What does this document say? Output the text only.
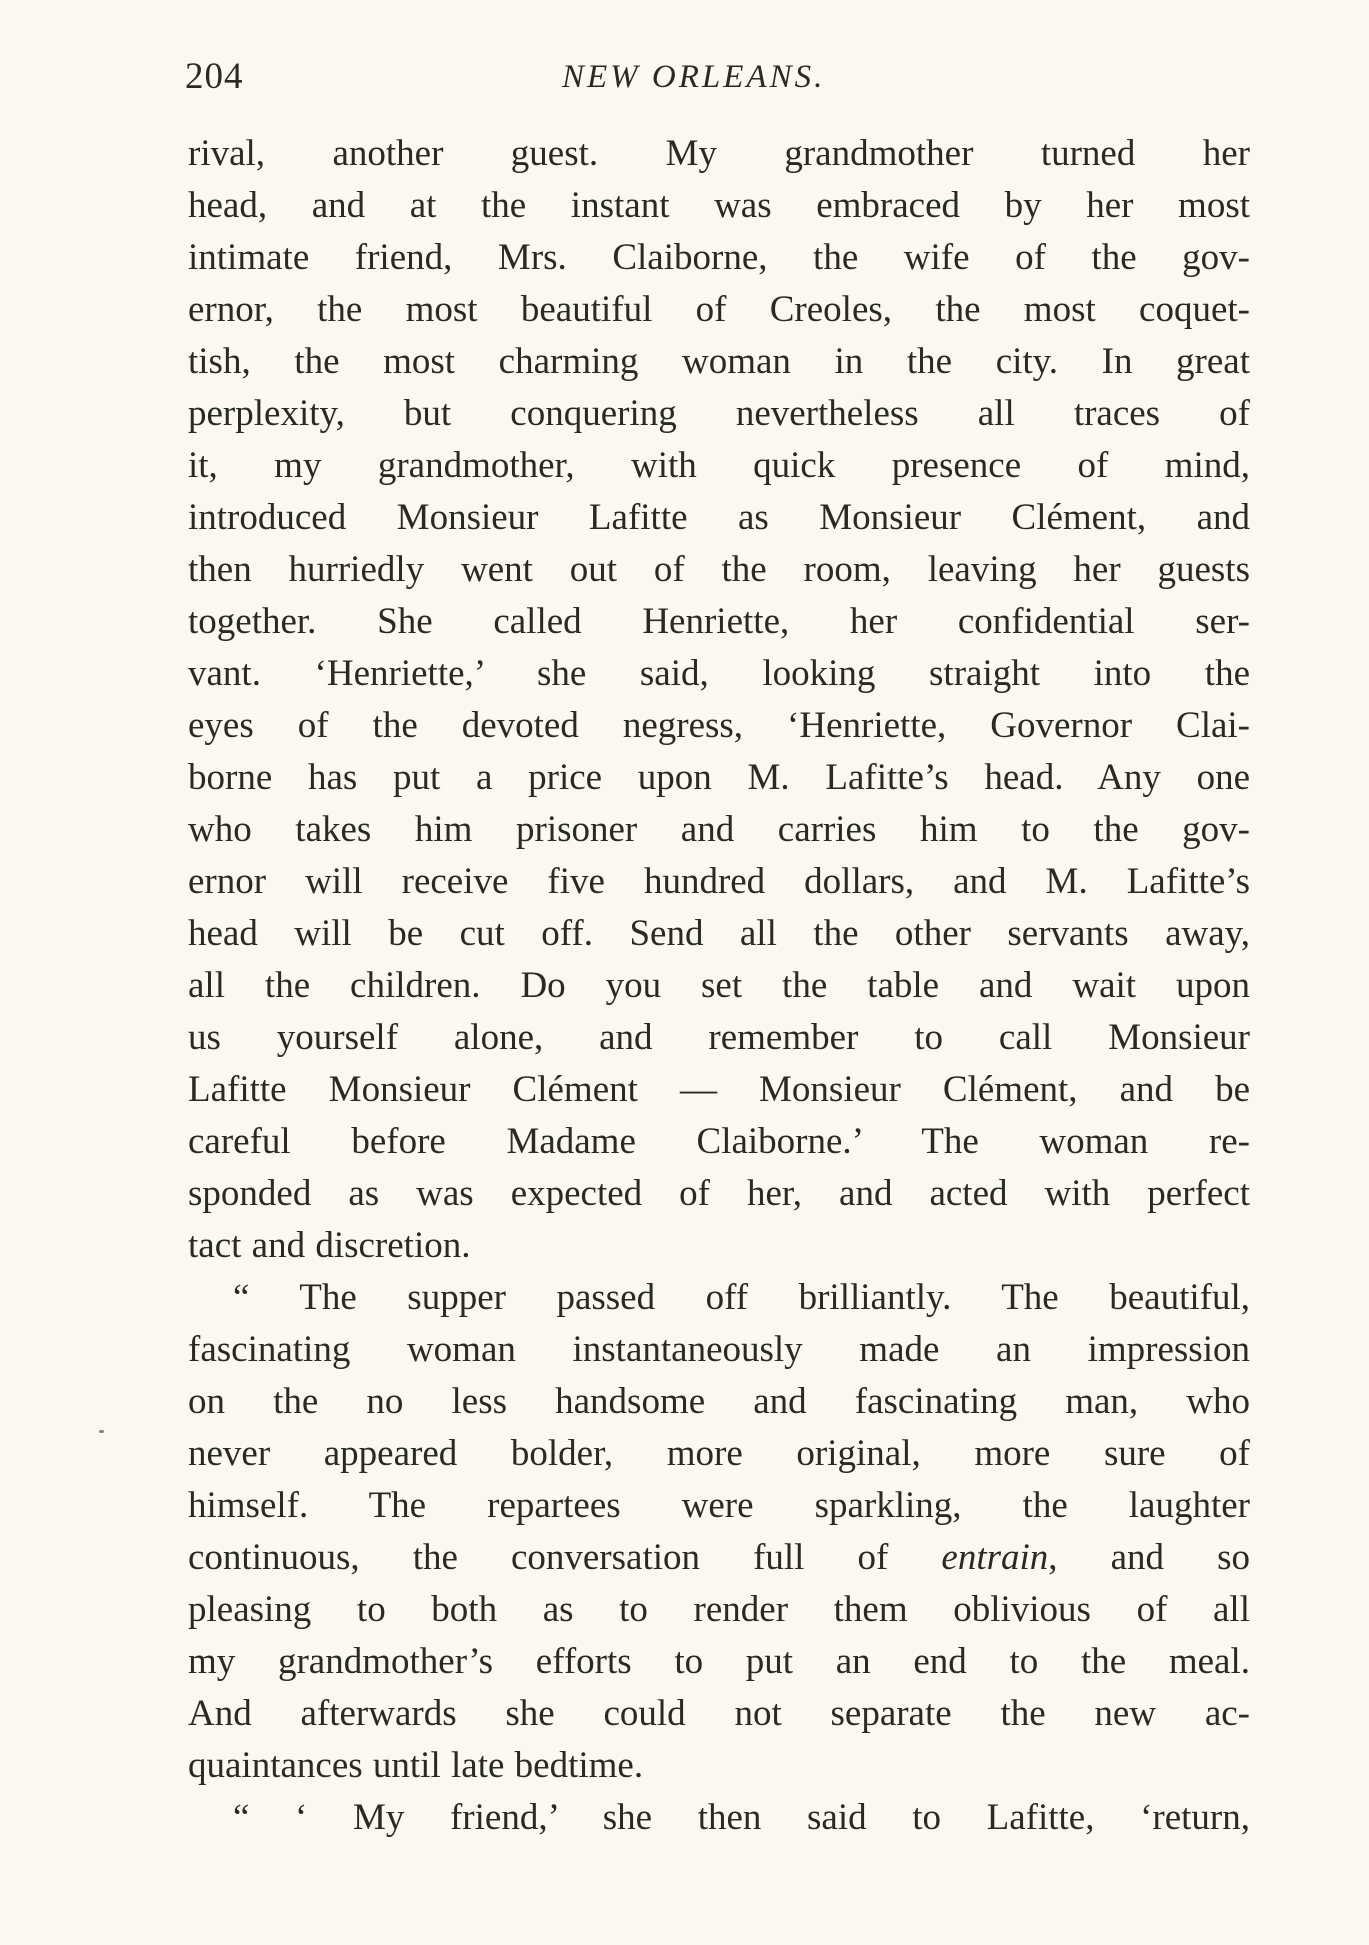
204	NEW ORLEANS.
rival, another guest. My grandmother turned her
head, and at the instant was embraced by her most
intimate friend, Mrs. Claiborne, the wife of the gov-
ernor, the most beautiful of Creoles, the most coquet-
tish, the most charming woman in the city. In great
perplexity, but conquering nevertheless all traces of
it, my grandmother, with quick presence of mind,
introduced Monsieur Lafitte as Monsieur Clément, and
then hurriedly went out of the room, leaving her guests
together. She called Henriette, her confidential ser-
vant. ‘Henriette,’ she said, looking straight into the
eyes of the devoted negress, ‘Henriette, Governor Clai-
borne has put a price upon M. Lafitte’s head. Any one
who takes him prisoner and carries him to the gov-
ernor will receive five hundred dollars, and M. Lafitte’s
head will be cut off. Send all the other servants away,
all the children. Do you set the table and wait upon
us yourself alone, and remember to call Monsieur
Lafitte Monsieur Clément — Monsieur Clément, and be
careful before Madame Claiborne.’ The woman re-
sponded as was expected of her, and acted with perfect
tact and discretion.
“ The supper passed off brilliantly. The beautiful,
fascinating woman instantaneously made an impression
on the no less handsome and fascinating man, who
never appeared bolder, more original, more sure of
himself. The repartees were sparkling, the laughter
continuous, the conversation full of entrain, and so
pleasing to both as to render them oblivious of all
my grandmother’s efforts to put an end to the meal.
And afterwards she could not separate the new ac-
quaintances until late bedtime.
“ ‘ My friend,’ she then said to Lafitte, ‘return,
